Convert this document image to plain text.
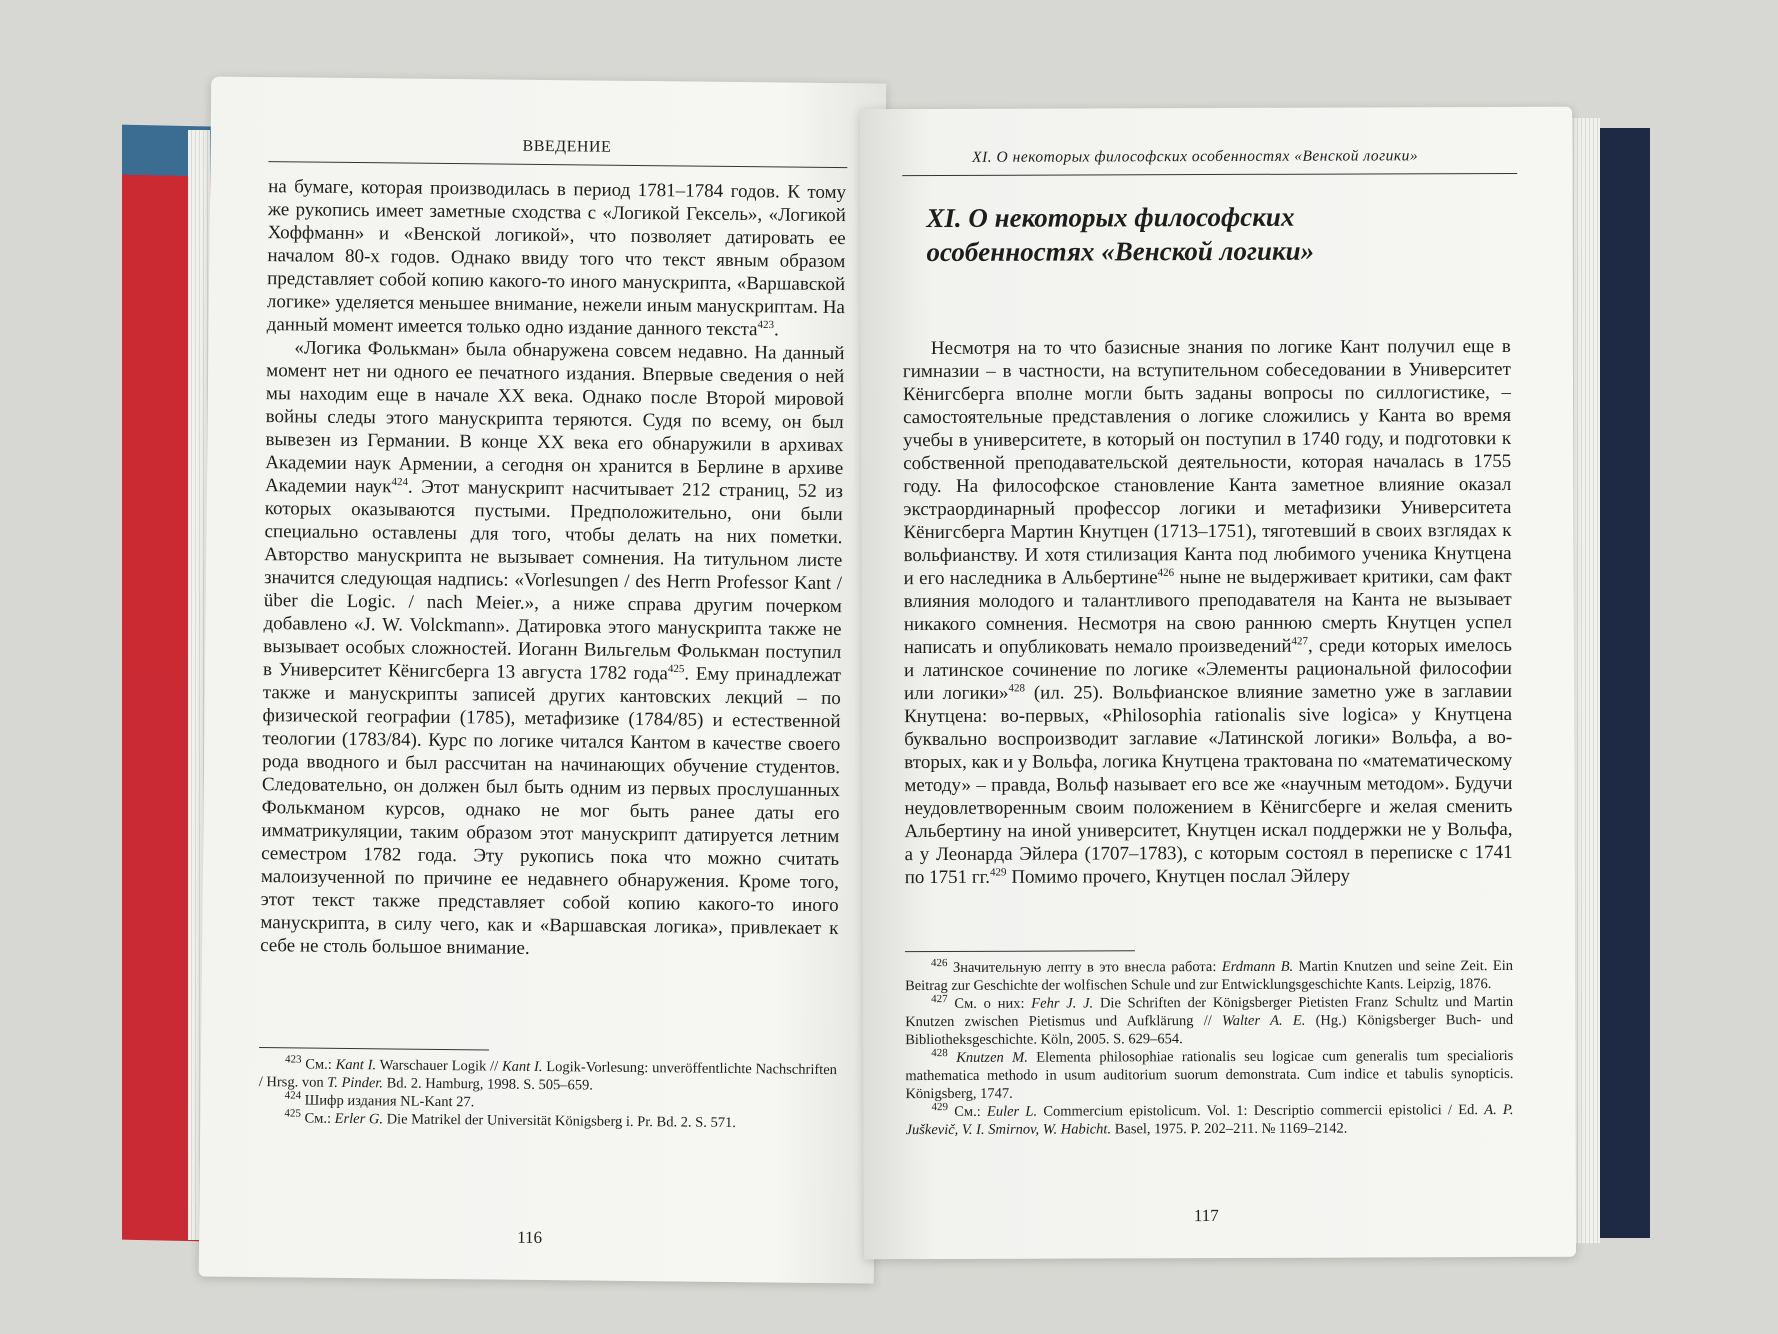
ВВЕДЕНИЕ

на бумаге, которая производилась в период 1781–1784 годов. К тому же рукопись имеет заметные сходства с «Логикой Гексель», «Логикой Хоффманн» и «Венской логикой», что позволяет датировать ее началом 80-х годов. Однако ввиду того что текст явным образом представляет собой копию какого-то иного манускрипта, «Варшавской логике» уделяется меньшее внимание, нежели иным манускриптам. На данный момент имеется только одно издание данного текста$^{423}$.

«Логика Фолькман» была обнаружена совсем недавно. На данный момент нет ни одного ее печатного издания. Впервые сведения о ней мы находим еще в начале XX века. Однако после Второй мировой войны следы этого манускрипта теряются. Судя по всему, он был вывезен из Германии. В конце XX века его обнаружили в архивах Академии наук Армении, а сегодня он хранится в Берлине в архиве Академии наук$^{424}$. Этот манускрипт насчитывает 212 страниц, 52 из которых оказываются пустыми. Предположительно, они были специально оставлены для того, чтобы делать на них пометки. Авторство манускрипта не вызывает сомнения. На титульном листе значится следующая надпись: «Vorlesungen / des Herrn Professor Kant / über die Logic. / nach Meier.», а ниже справа другим почерком добавлено «J. W. Volckmann». Датировка этого манускрипта также не вызывает особых сложностей. Иоганн Вильгельм Фолькман поступил в Университет Кёнигсберга 13 августа 1782 года$^{425}$. Ему принадлежат также и манускрипты записей других кантовских лекций – по физической географии (1785), метафизике (1784/85) и естественной теологии (1783/84). Курс по логике читался Кантом в качестве своего рода вводного и был рассчитан на начинающих обучение студентов. Следовательно, он должен был быть одним из первых прослушанных Фолькманом курсов, однако не мог быть ранее даты его имматрикуляции, таким образом этот манускрипт датируется летним семестром 1782 года. Эту рукопись пока что можно считать малоизученной по причине ее недавнего обнаружения. Кроме того, этот текст также представляет собой копию какого-то иного манускрипта, в силу чего, как и «Варшавская логика», привлекает к себе не столь большое внимание.

$^{423}$ См.: Kant I. Warschauer Logik // Kant I. Logik-Vorlesung: unveröffentlichte Nachschriften / Hrsg. von T. Pinder. Bd. 2. Hamburg, 1998. S. 505–659.

$^{424}$ Шифр издания NL-Kant 27.

$^{425}$ См.: Erler G. Die Matrikel der Universität Königsberg i. Pr. Bd. 2. S. 571.

116
XI. О некоторых философских особенностях «Венской логики»
XI. О некоторых философских
особенностях «Венской логики»

Несмотря на то что базисные знания по логике Кант получил еще в гимназии – в частности, на вступительном собеседовании в Университет Кёнигсберга вполне могли быть заданы вопросы по силлогистике, – самостоятельные представления о логике сложились у Канта во время учебы в университете, в который он поступил в 1740 году, и подготовки к собственной преподавательской деятельности, которая началась в 1755 году. На философское становление Канта заметное влияние оказал экстраординарный профессор логики и метафизики Университета Кёнигсберга Мартин Кнутцен (1713–1751), тяготевший в своих взглядах к вольфианству. И хотя стилизация Канта под любимого ученика Кнутцена и его наследника в Альбертине$^{426}$ ныне не выдерживает критики, сам факт влияния молодого и талантливого преподавателя на Канта не вызывает никакого сомнения. Несмотря на свою раннюю смерть Кнутцен успел написать и опубликовать немало произведений$^{427}$, среди которых имелось и латинское сочинение по логике «Элементы рациональной философии или логики»$^{428}$ (ил. 25). Вольфианское влияние заметно уже в заглавии Кнутцена: во-первых, «Philosophia rationalis sive logica» у Кнутцена буквально воспроизводит заглавие «Латинской логики» Вольфа, а во-вторых, как и у Вольфа, логика Кнутцена трактована по «математическому методу» – правда, Вольф называет его все же «научным методом». Будучи неудовлетворенным своим положением в Кёнигсберге и желая сменить Альбертину на иной университет, Кнутцен искал поддержки не у Вольфа, а у Леонарда Эйлера (1707–1783), с которым состоял в переписке с 1741 по 1751 гг.$^{429}$ Помимо прочего, Кнутцен послал Эйлеру

$^{426}$ Значительную лепту в это внесла работа: Erdmann B. Martin Knutzen und seine Zeit. Ein Beitrag zur Geschichte der wolfischen Schule und zur Entwicklungsgeschichte Kants. Leipzig, 1876.

$^{427}$ См. о них: Fehr J. J. Die Schriften der Königsberger Pietisten Franz Schultz und Martin Knutzen zwischen Pietismus und Aufklärung // Walter A. E. (Hg.) Königsberger Buch- und Bibliotheksgeschichte. Köln, 2005. S. 629–654.

$^{428}$ Knutzen M. Elementa philosophiae rationalis seu logicae cum generalis tum specialioris mathematica methodo in usum auditorium suorum demonstrata. Cum indice et tabulis synopticis. Königsberg, 1747.

$^{429}$ См.: Euler L. Commercium epistolicum. Vol. 1: Descriptio commercii epistolici / Ed. A. P. Juškevič, V. I. Smirnov, W. Habicht. Basel, 1975. P. 202–211. № 1169–2142.

117
